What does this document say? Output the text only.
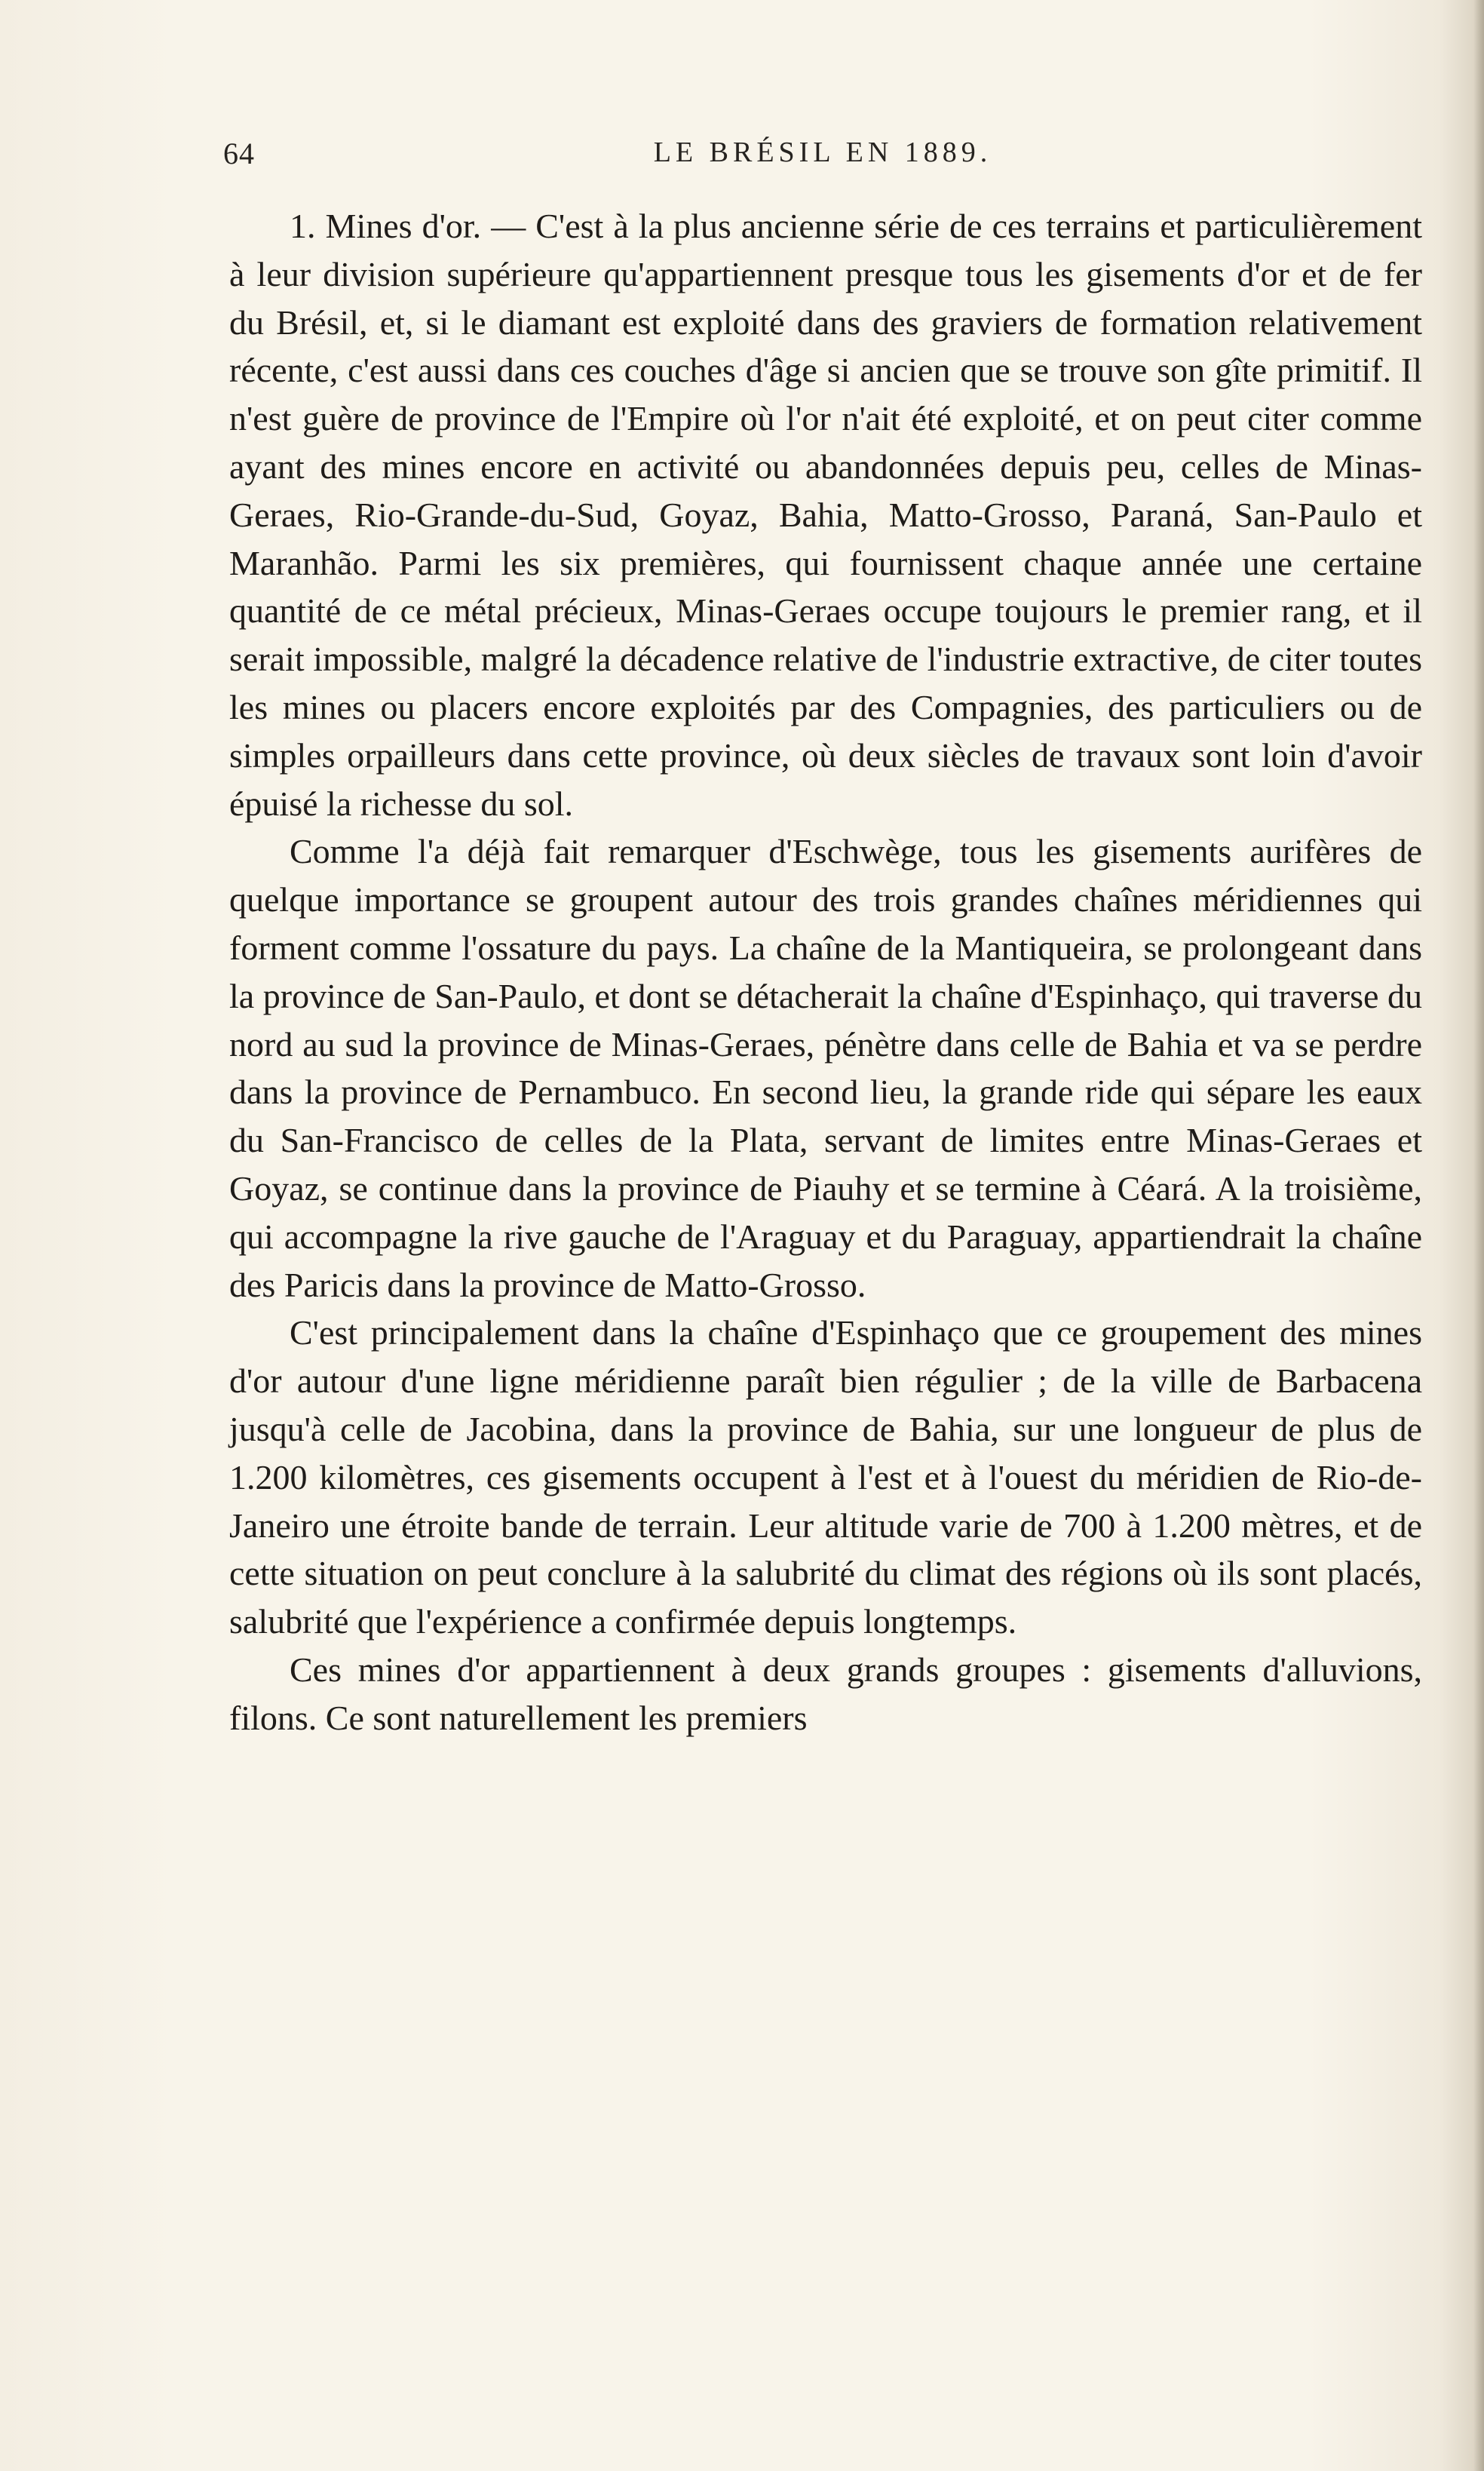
64	LE BRÉSIL EN 1889.

1. Mines d'or. — C'est à la plus ancienne série de ces terrains et particulièrement à leur division supérieure qu'appartiennent presque tous les gisements d'or et de fer du Brésil, et, si le diamant est exploité dans des graviers de formation relativement récente, c'est aussi dans ces couches d'âge si ancien que se trouve son gîte primitif. Il n'est guère de province de l'Empire où l'or n'ait été exploité, et on peut citer comme ayant des mines encore en activité ou abandonnées depuis peu, celles de Minas-Geraes, Rio-Grande-du-Sud, Goyaz, Bahia, Matto-Grosso, Paraná, San-Paulo et Maranhão. Parmi les six premières, qui fournissent chaque année une certaine quantité de ce métal précieux, Minas-Geraes occupe toujours le premier rang, et il serait impossible, malgré la décadence relative de l'industrie extractive, de citer toutes les mines ou placers encore exploités par des Compagnies, des particuliers ou de simples orpailleurs dans cette province, où deux siècles de travaux sont loin d'avoir épuisé la richesse du sol.

Comme l'a déjà fait remarquer d'Eschwège, tous les gisements aurifères de quelque importance se groupent autour des trois grandes chaînes méridiennes qui forment comme l'ossature du pays. La chaîne de la Mantiqueira, se prolongeant dans la province de San-Paulo, et dont se détacherait la chaîne d'Espinhaço, qui traverse du nord au sud la province de Minas-Geraes, pénètre dans celle de Bahia et va se perdre dans la province de Pernambuco. En second lieu, la grande ride qui sépare les eaux du San-Francisco de celles de la Plata, servant de limites entre Minas-Geraes et Goyaz, se continue dans la province de Piauhy et se termine à Céará. A la troisième, qui accompagne la rive gauche de l'Araguay et du Paraguay, appartiendrait la chaîne des Paricis dans la province de Matto-Grosso.

C'est principalement dans la chaîne d'Espinhaço que ce groupement des mines d'or autour d'une ligne méridienne paraît bien régulier ; de la ville de Barbacena jusqu'à celle de Jacobina, dans la province de Bahia, sur une longueur de plus de 1.200 kilomètres, ces gisements occupent à l'est et à l'ouest du méridien de Rio-de-Janeiro une étroite bande de terrain. Leur altitude varie de 700 à 1.200 mètres, et de cette situation on peut conclure à la salubrité du climat des régions où ils sont placés, salubrité que l'expérience a confirmée depuis longtemps.

Ces mines d'or appartiennent à deux grands groupes : gisements d'alluvions, filons. Ce sont naturellement les premiers
